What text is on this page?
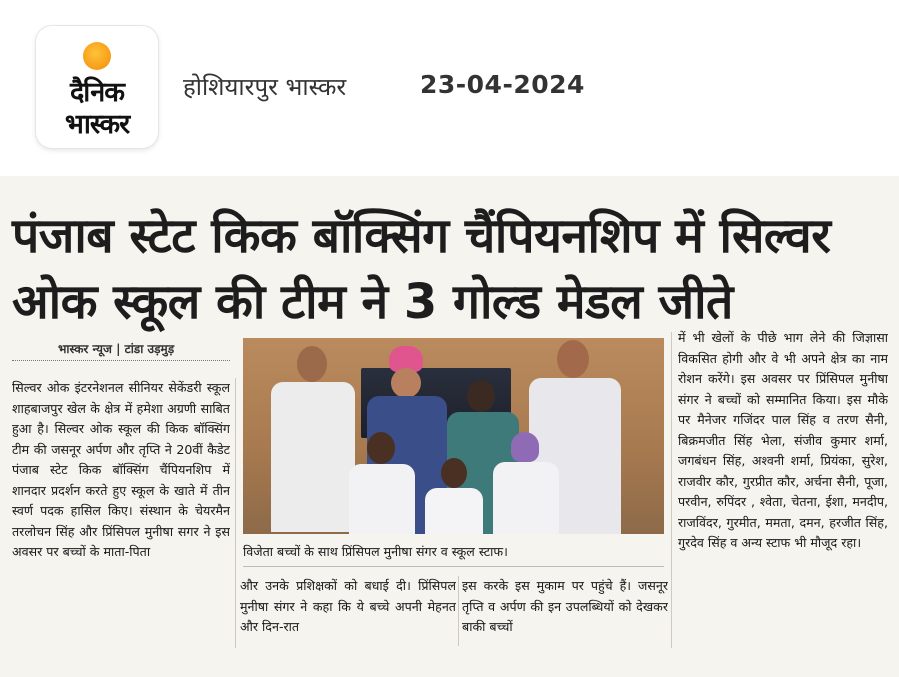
दैनिक
भास्कर
होशियारपुर भास्कर	23-04-2024
पंजाब स्टेट किक बॉक्सिंग चैंपियनशिप में सिल्वर
ओक स्कूल की टीम ने 3 गोल्ड मेडल जीते
भास्कर न्यूज | टांडा उड़मुड़

सिल्वर ओक इंटरनेशनल सीनियर सेकेंडरी स्कूल शाहबाजपुर खेल के क्षेत्र में हमेशा अग्रणी साबित हुआ है। सिल्वर ओक स्कूल की किक बॉक्सिंग टीम की जसनूर अर्पण और तृप्ति ने 20वीं कैडेट पंजाब स्टेट किक बॉक्सिंग चैंपियनशिप में शानदार प्रदर्शन करते हुए स्कूल के खाते में तीन स्वर्ण पदक हासिल किए। संस्थान के चेयरमैन तरलोचन सिंह और प्रिंसिपल मुनीषा सगर ने इस अवसर पर बच्चों के माता-पिता	विजेता बच्चों के साथ प्रिंसिपल मुनीषा संगर व स्कूल स्टाफ।

और उनके प्रशिक्षकों को बधाई दी। प्रिंसिपल मुनीषा संगर ने कहा कि ये बच्चे अपनी मेहनत और दिन-रात

इस करके इस मुकाम पर पहुंचे हैं। जसनूर तृप्ति व अर्पण की इन उपलब्धियों को देखकर बाकी बच्चों

में भी खेलों के पीछे भाग लेने की जिज्ञासा विकसित होगी और वे भी अपने क्षेत्र का नाम रोशन करेंगे। इस अवसर पर प्रिंसिपल मुनीषा संगर ने बच्चों को सम्मानित किया। इस मौके पर मैनेजर गजिंदर पाल सिंह व तरण सैनी, बिक्रमजीत सिंह भेला, संजीव कुमार शर्मा, जगबंधन सिंह, अश्वनी शर्मा, प्रियंका, सुरेश, राजवीर कौर, गुरप्रीत कौर, अर्चना सैनी, पूजा, परवीन, रुपिंदर , श्वेता, चेतना, ईशा, मनदीप, राजविंदर, गुरमीत, ममता, दमन, हरजीत सिंह, गुरदेव सिंह व अन्य स्टाफ भी मौजूद रहा।
